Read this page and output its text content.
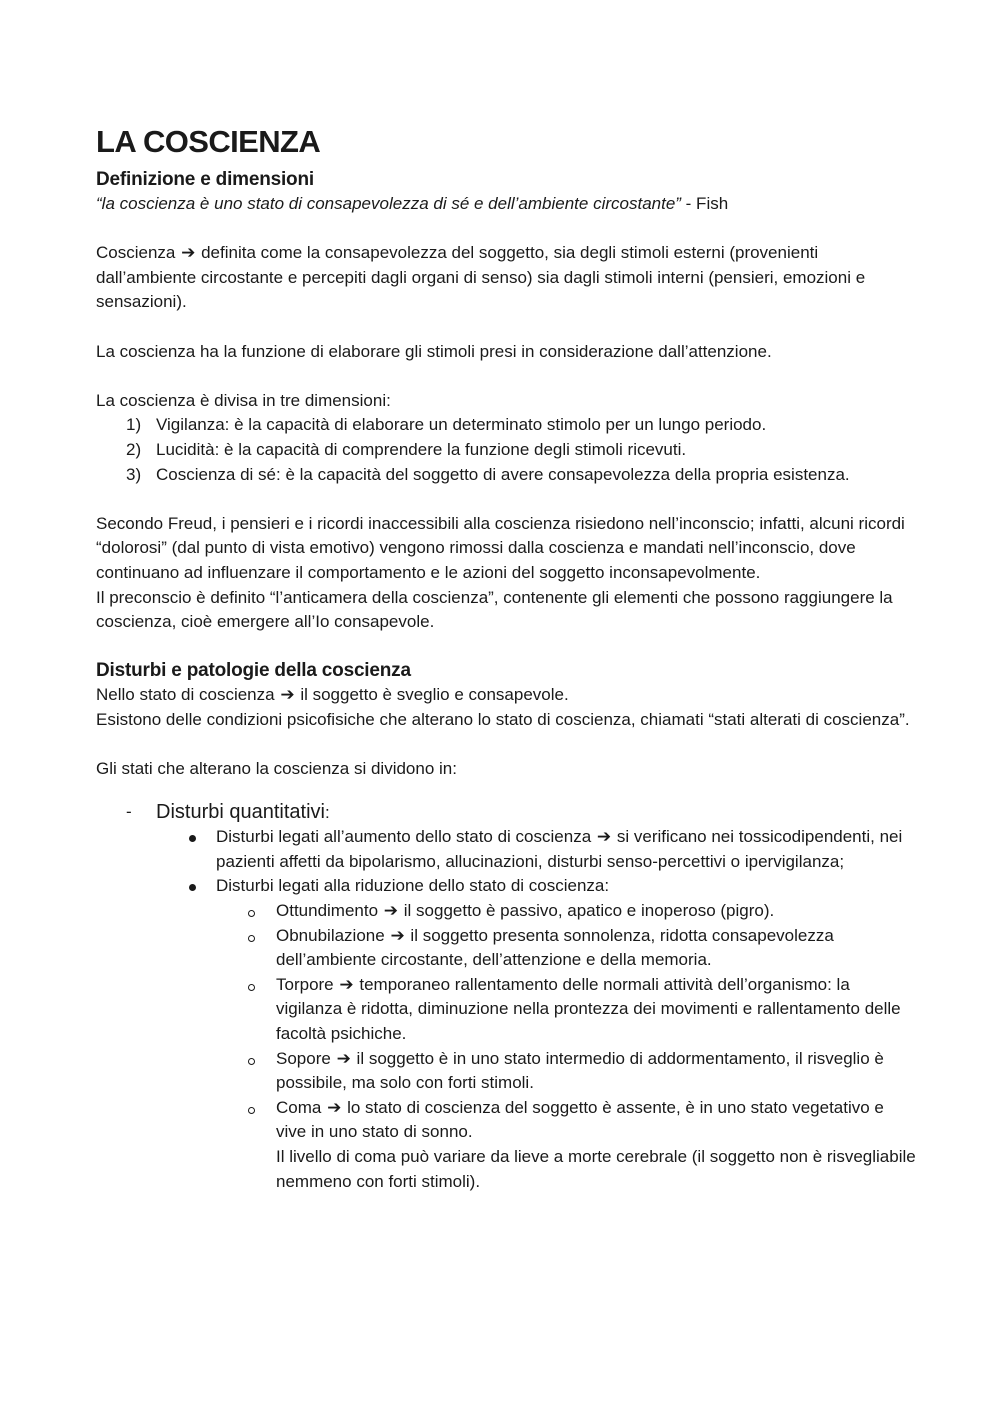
LA COSCIENZA
Definizione e dimensioni

“la coscienza è uno stato di consapevolezza di sé e dell’ambiente circostante” - Fish

Coscienza ➔ definita come la consapevolezza del soggetto, sia degli stimoli esterni (provenienti dall’ambiente circostante e percepiti dagli organi di senso) sia dagli stimoli interni (pensieri, emozioni e sensazioni).

La coscienza ha la funzione di elaborare gli stimoli presi in considerazione dall’attenzione.

La coscienza è divisa in tre dimensioni:

1) Vigilanza: è la capacità di elaborare un determinato stimolo per un lungo periodo.
2) Lucidità: è la capacità di comprendere la funzione degli stimoli ricevuti.
3) Coscienza di sé: è la capacità del soggetto di avere consapevolezza della propria esistenza.

Secondo Freud, i pensieri e i ricordi inaccessibili alla coscienza risiedono nell’inconscio; infatti, alcuni ricordi “dolorosi” (dal punto di vista emotivo) vengono rimossi dalla coscienza e mandati nell’inconscio, dove continuano ad influenzare il comportamento e le azioni del soggetto inconsapevolmente.

Il preconscio è definito “l’anticamera della coscienza”, contenente gli elementi che possono raggiungere la coscienza, cioè emergere all’Io consapevole.

Disturbi e patologie della coscienza

Nello stato di coscienza ➔ il soggetto è sveglio e consapevole.

Esistono delle condizioni psicofisiche che alterano lo stato di coscienza, chiamati “stati alterati di coscienza”.

Gli stati che alterano la coscienza si dividono in:

- Disturbi quantitativi:
Disturbi legati all’aumento dello stato di coscienza ➔ si verificano nei tossicodipendenti, nei pazienti affetti da bipolarismo, allucinazioni, disturbi senso-percettivi o ipervigilanza;
Disturbi legati alla riduzione dello stato di coscienza:
Ottundimento ➔ il soggetto è passivo, apatico e inoperoso (pigro).
Obnubilazione ➔ il soggetto presenta sonnolenza, ridotta consapevolezza dell’ambiente circostante, dell’attenzione e della memoria.
Torpore ➔ temporaneo rallentamento delle normali attività dell’organismo: la vigilanza è ridotta, diminuzione nella prontezza dei movimenti e rallentamento delle facoltà psichiche.
Sopore ➔ il soggetto è in uno stato intermedio di addormentamento, il risveglio è possibile, ma solo con forti stimoli.
Coma ➔ lo stato di coscienza del soggetto è assente, è in uno stato vegetativo e vive in uno stato di sonno.
Il livello di coma può variare da lieve a morte cerebrale (il soggetto non è risvegliabile nemmeno con forti stimoli).
